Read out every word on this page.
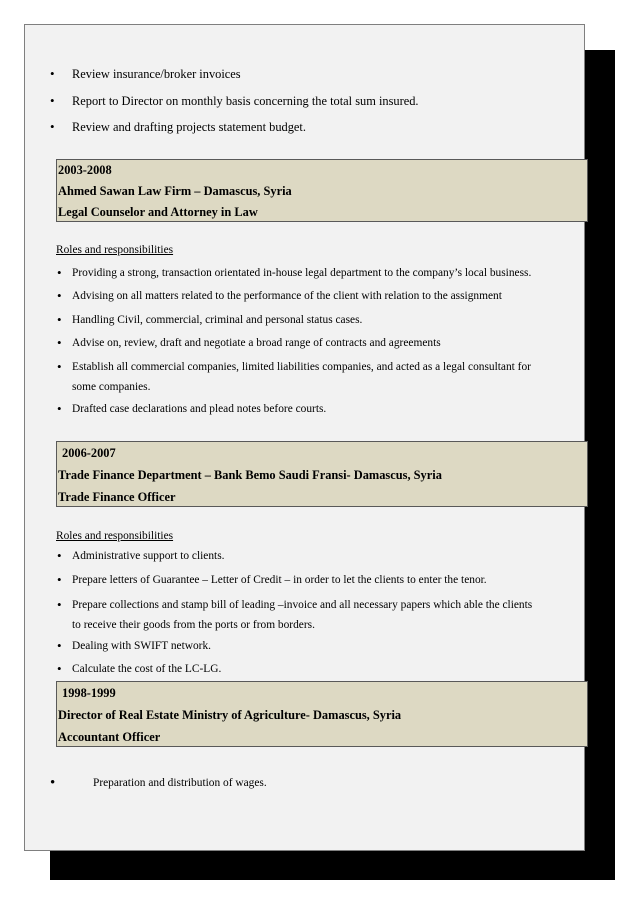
• Review insurance/broker invoices
• Report to Director on monthly basis concerning the total sum insured.
• Review and drafting projects statement budget.
2003-2008
Ahmed Sawan Law Firm – Damascus, Syria
Legal Counselor and Attorney in Law
Roles and responsibilities
• Providing a strong, transaction orientated in-house legal department to the company’s local business.
• Advising on all matters related to the performance of the client with relation to the assignment
• Handling Civil, commercial, criminal and personal status cases.
• Advise on, review, draft and negotiate a broad range of contracts and agreements
• Establish all commercial companies, limited liabilities companies, and acted as a legal consultant for
some companies.
• Drafted case declarations and plead notes before courts.
2006-2007
Trade Finance Department – Bank Bemo Saudi Fransi- Damascus, Syria
Trade Finance Officer
Roles and responsibilities
• Administrative support to clients.
• Prepare letters of Guarantee – Letter of Credit – in order to let the clients to enter the tenor.
• Prepare collections and stamp bill of leading –invoice and all necessary papers which able the clients
to receive their goods from the ports or from borders.
• Dealing with SWIFT network.
• Calculate the cost of the LC-LG.
1998-1999
Director of Real Estate Ministry of Agriculture- Damascus, Syria
Accountant Officer
•	Preparation and distribution of wages.
